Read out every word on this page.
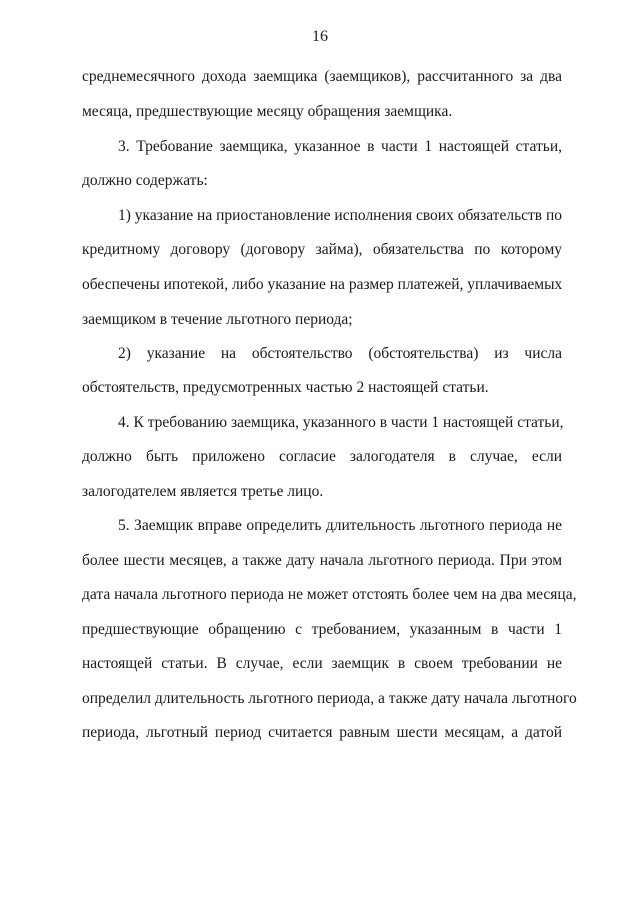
16
среднемесячного дохода заемщика (заемщиков), рассчитанного за два
месяца, предшествующие месяцу обращения заемщика.
3. Требование заемщика, указанное в части 1 настоящей статьи,
должно содержать:
1) указание на приостановление исполнения своих обязательств по
кредитному договору (договору займа), обязательства по которому
обеспечены ипотекой, либо указание на размер платежей, уплачиваемых
заемщиком в течение льготного периода;
2) указание на обстоятельство (обстоятельства) из числа
обстоятельств, предусмотренных частью 2 настоящей статьи.
4. К требованию заемщика, указанного в части 1 настоящей статьи,
должно быть приложено согласие залогодателя в случае, если
залогодателем является третье лицо.
5. Заемщик вправе определить длительность льготного периода не
более шести месяцев, а также дату начала льготного периода. При этом
дата начала льготного периода не может отстоять более чем на два месяца,
предшествующие обращению с требованием, указанным в части 1
настоящей статьи. В случае, если заемщик в своем требовании не
определил длительность льготного периода, а также дату начала льготного
периода, льготный период считается равным шести месяцам, а датой
